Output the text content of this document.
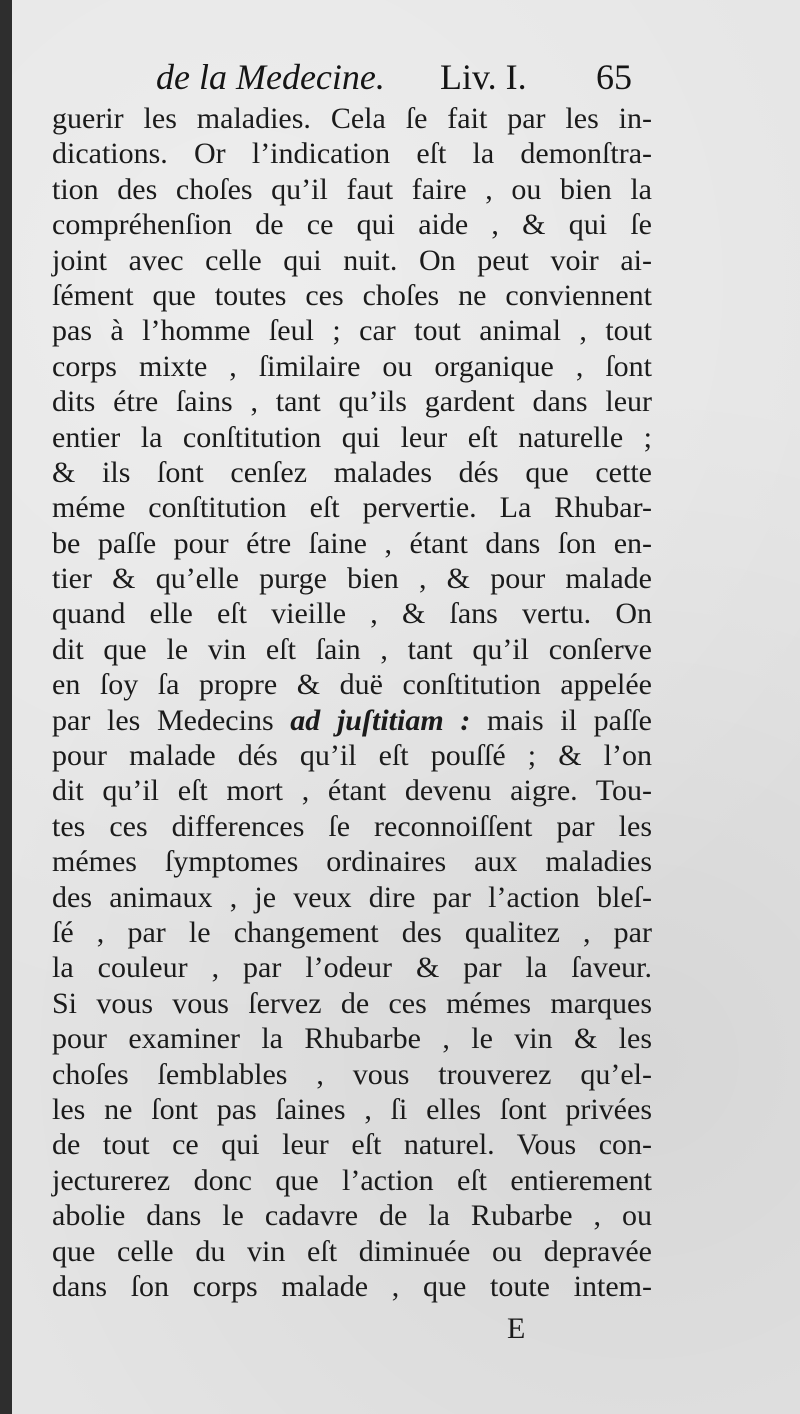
de la Medecine. Liv. I. 65
guerir les maladies. Cela ſe fait par les in-
dications. Or l’indication eſt la demonſtra-
tion des choſes qu’il faut faire , ou bien la
compréhenſion de ce qui aide , & qui ſe
joint avec celle qui nuit. On peut voir ai-
ſément que toutes ces choſes ne conviennent
pas à l’homme ſeul ; car tout animal , tout
corps mixte , ſimilaire ou organique , ſont
dits étre ſains , tant qu’ils gardent dans leur
entier la conſtitution qui leur eſt naturelle ;
& ils ſont cenſez malades dés que cette
méme conſtitution eſt pervertie. La Rhubar-
be paſſe pour étre ſaine , étant dans ſon en-
tier & qu’elle purge bien , & pour malade
quand elle eſt vieille , & ſans vertu. On
dit que le vin eſt ſain , tant qu’il conſerve
en ſoy ſa propre & duë conſtitution appelée
par les Medecins ad juſtitiam : mais il paſſe
pour malade dés qu’il eſt pouſſé ; & l’on
dit qu’il eſt mort , étant devenu aigre. Tou-
tes ces differences ſe reconnoiſſent par les
mémes ſymptomes ordinaires aux maladies
des animaux , je veux dire par l’action bleſ-
ſé , par le changement des qualitez , par
la couleur , par l’odeur & par la ſaveur.
Si vous vous ſervez de ces mémes marques
pour examiner la Rhubarbe , le vin & les
choſes ſemblables , vous trouverez qu’el-
les ne ſont pas ſaines , ſi elles ſont privées
de tout ce qui leur eſt naturel. Vous con-
jecturerez donc que l’action eſt entierement
abolie dans le cadavre de la Rubarbe , ou
que celle du vin eſt diminuée ou depravée
dans ſon corps malade , que toute intem-
E
